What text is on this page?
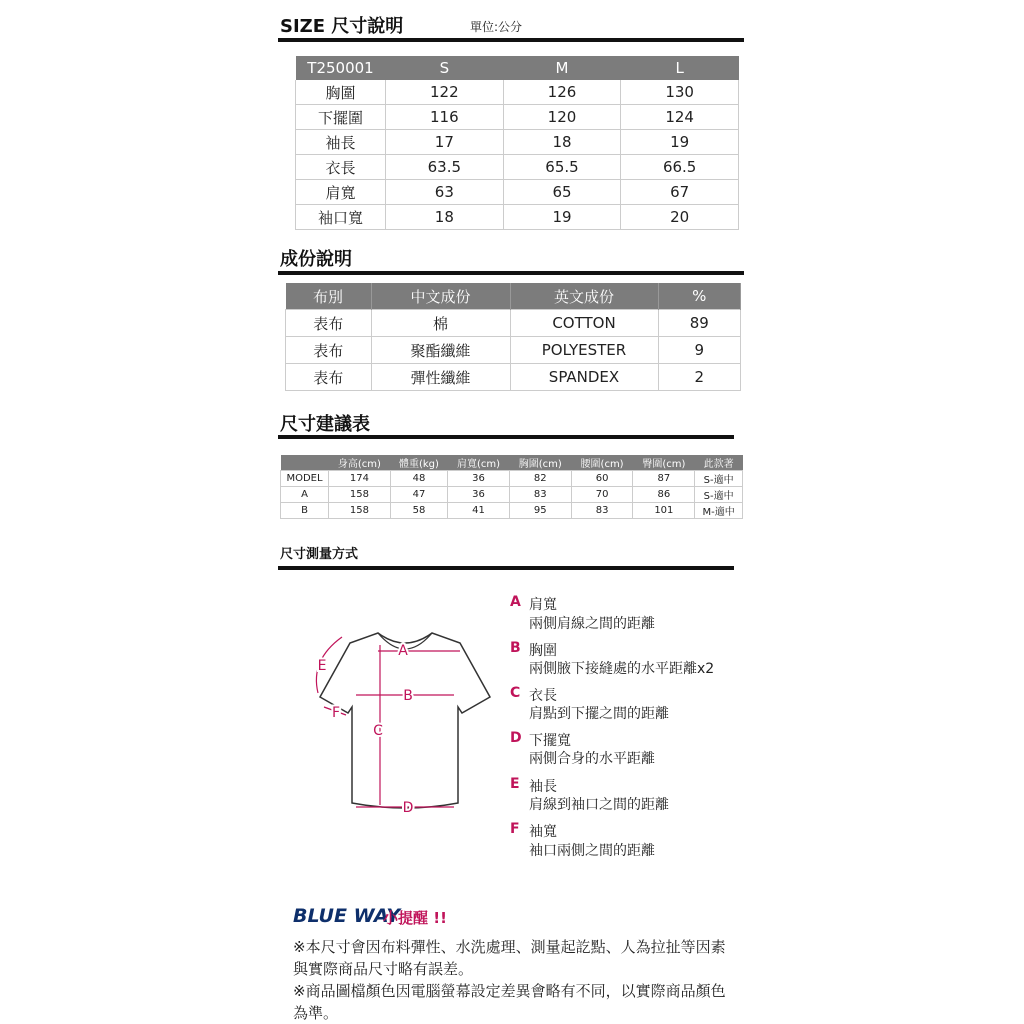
SIZE 尺寸說明	單位:公分
T250001	S	M	L
胸圍	122	126	130
下擺圍	116	120	124
袖長	17	18	19
衣長	63.5	65.5	66.5
肩寬	63	65	67
袖口寬	18	19	20
成份說明
布別	中文成份	英文成份	%
表布	棉	COTTON	89
表布	聚酯纖維	POLYESTER	9
表布	彈性纖維	SPANDEX	2
尺寸建議表
	身高(cm)	體重(kg)	肩寬(cm)	胸圍(cm)	腰圍(cm)	臀圍(cm)	此款著
MODEL	174	48	36	82	60	87	S-適中
A	158	47	36	83	70	86	S-適中
B	158	58	41	95	83	101	M-適中
尺寸測量方式
A
B
C
D
E
F
A 肩寬
兩側肩線之間的距離
B 胸圍
兩側腋下接縫處的水平距離x2
C 衣長
肩點到下擺之間的距離
D 下擺寬
兩側合身的水平距離
E 袖長
肩線到袖口之間的距離
F 袖寬
袖口兩側之間的距離
BLUE WAY
小提醒 !!
※本尺寸會因布料彈性、水洗處理、測量起訖點、人為拉扯等因素與實際商品尺寸略有誤差。
※商品圖檔顏色因電腦螢幕設定差異會略有不同，以實際商品顏色為準。
